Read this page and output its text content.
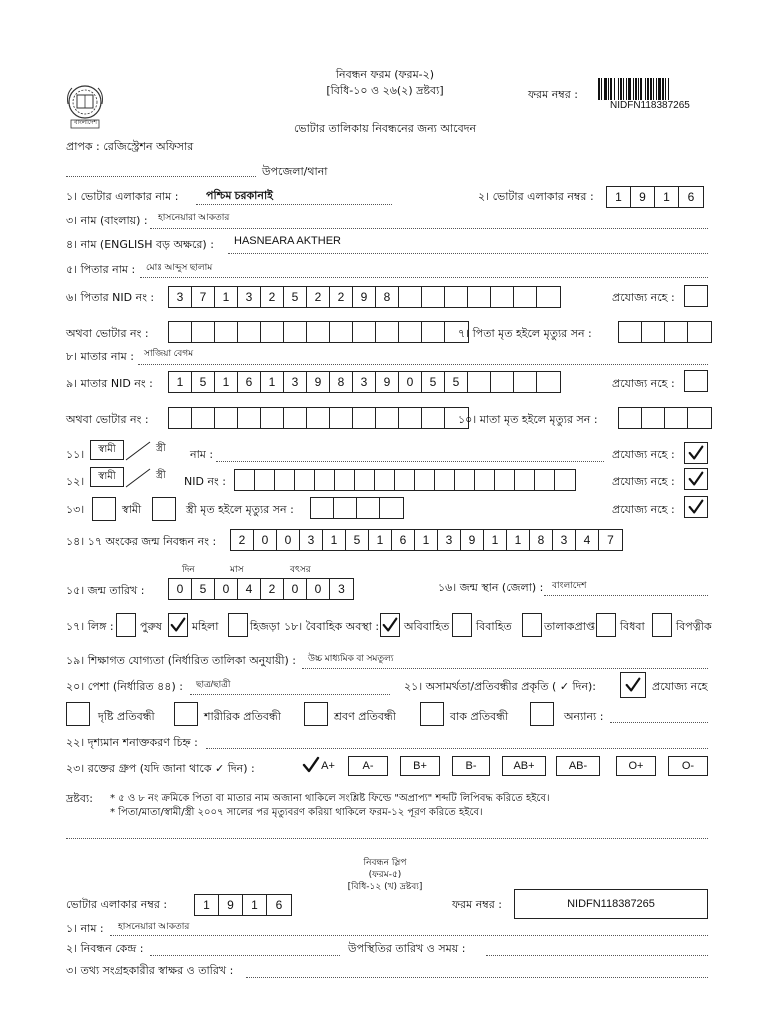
বাংলাদেশ
নিবন্ধন ফরম (ফরম-২)
[বিধি-১০ ও ২৬(২) দ্রষ্টব্য]	ফরম নম্বর :
NIDFN118387265
ভোটার তালিকায় নিবন্ধনের জন্য আবেদন
প্রাপক : রেজিস্ট্রেশন অফিসার
উপজেলা/থানা
১। ভোটার এলাকার নাম :	পশ্চিম চরকানাই	২। ভোটার এলাকার নম্বর :	1	9	1	6
৩। নাম (বাংলায়) : হাসনেয়ারা আকতার
৪। নাম (ENGLISH বড় অক্ষরে) : HASNEARA AKTHER
৫। পিতার নাম : মোঃ আব্দুস ছালাম
৬। পিতার NID নং :	3	7	1	3	2	5	2	2	9	8	প্রযোজ্য নহে :
অথবা ভোটার নং :	৭। পিতা মৃত হইলে মৃত্যুর সন :
৮। মাতার নাম : সাজিয়া বেগম
৯। মাতার NID নং :	1	5	1	6	1	3	9	8	3	9	0	5	5	প্রযোজ্য নহে :
অথবা ভোটার নং :	১০। মাতা মৃত হইলে মৃত্যুর সন :
১১। স্বামী	স্ত্রী নাম :	প্রযোজ্য নহে :
১২। স্বামী	স্ত্রী NID নং :	প্রযোজ্য নহে :
১৩।	স্বামী	স্ত্রী মৃত হইলে মৃত্যুর সন :	প্রযোজ্য নহে :
১৪। ১৭ অংকের জন্ম নিবন্ধন নং :	2	0	0	3	1	5	1	6	1	3	9	1	1	8	3	4	7
দিন	মাস	বৎসর
১৫। জন্ম তারিখ :	0	5	0	4	2	0	0	3	১৬। জন্ম স্থান (জেলা) : বাংলাদেশ
১৭। লিঙ্গ : পুরুষ	মহিলা	হিজড়া ১৮। বৈবাহিক অবস্থা : অবিবাহিত বিবাহিত	তালাকপ্রাপ্ত বিধবা	বিপত্নীক
১৯। শিক্ষাগত যোগ্যতা (নির্ধারিত তালিকা অনুযায়ী) : উচ্চ মাধ্যমিক বা সমতুল্য
২০। পেশা (নির্ধারিত ৪৪) : ছাত্র/ছাত্রী	২১। অসামর্থতা/প্রতিবন্ধীর প্রকৃতি ( ✓ দিন):	প্রযোজ্য নহে
দৃষ্টি প্রতিবন্ধী	শারীরিক প্রতিবন্ধী	শ্রবণ প্রতিবন্ধী	বাক প্রতিবন্ধী	অন্যান্য :
২২। দৃশ্যমান শনাক্তকরণ চিহ্ন :
২৩। রক্তের গ্রুপ (যদি জানা থাকে ✓ দিন) :	A+	A-	B+	B-	AB+	AB-	O+	O-
দ্রষ্টব্য: * ৫ ও ৮ নং ক্রমিকে পিতা বা মাতার নাম অজানা থাকিলে সংশ্লিষ্ট ফিল্ডে "অপ্রাপ্য" শব্দটি লিপিবদ্ধ করিতে হইবে।
* পিতা/মাতা/স্বামী/স্ত্রী ২০০৭ সালের পর মৃত্যুবরণ করিয়া থাকিলে ফরম-১২ পূরণ করিতে হইবে।
নিবন্ধন স্লিপ
(ফরম-৫)
[বিধি-১২ (খ) দ্রষ্টব্য]
ভোটার এলাকার নম্বর :	1	9	1	6	ফরম নম্বর :	NIDFN118387265
১। নাম : হাসনেয়ারা আকতার
২। নিবন্ধন কেন্দ্র :	উপস্থিতির তারিখ ও সময় :
৩। তথ্য সংগ্রহকারীর স্বাক্ষর ও তারিখ :
